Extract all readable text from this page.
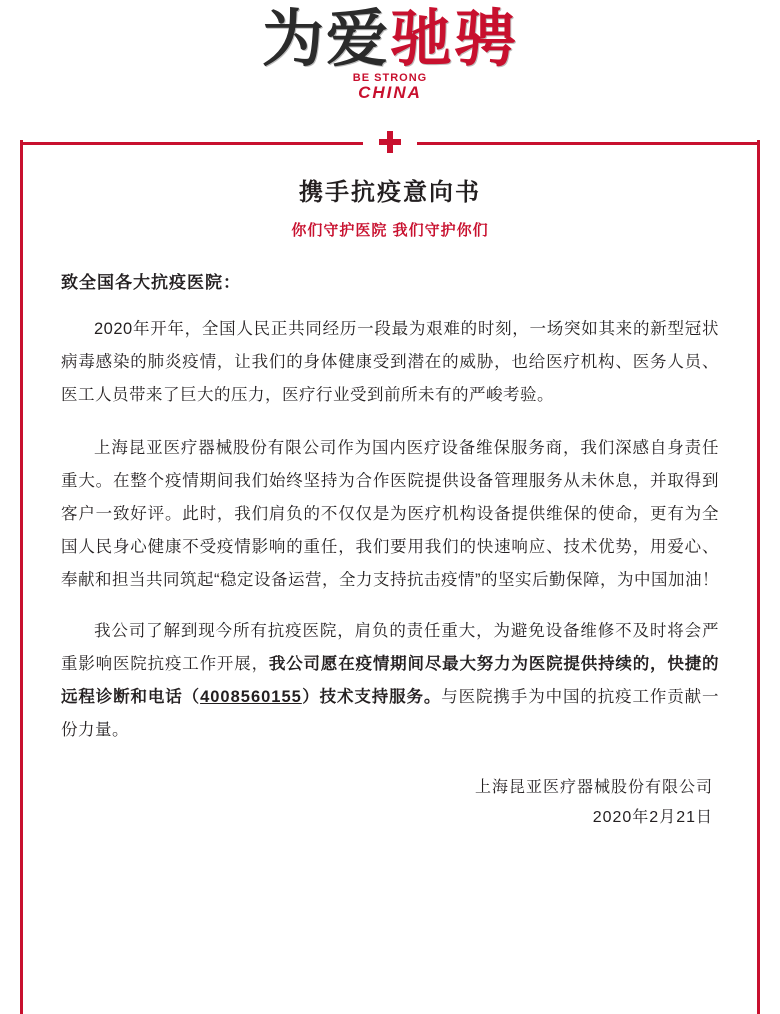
为爱驰骋
BE STRONG
CHINA
携手抗疫意向书
你们守护医院 我们守护你们
致全国各大抗疫医院：

2020年开年，全国人民正共同经历一段最为艰难的时刻，一场突如其来的新型冠状病毒感染的肺炎疫情，让我们的身体健康受到潜在的威胁，也给医疗机构、医务人员、医工人员带来了巨大的压力，医疗行业受到前所未有的严峻考验。

上海昆亚医疗器械股份有限公司作为国内医疗设备维保服务商，我们深感自身责任重大。在整个疫情期间我们始终坚持为合作医院提供设备管理服务从未休息，并取得到客户一致好评。此时，我们肩负的不仅仅是为医疗机构设备提供维保的使命，更有为全国人民身心健康不受疫情影响的重任，我们要用我们的快速响应、技术优势，用爱心、奉献和担当共同筑起“稳定设备运营，全力支持抗击疫情”的坚实后勤保障，为中国加油！

我公司了解到现今所有抗疫医院，肩负的责任重大，为避免设备维修不及时将会严重影响医院抗疫工作开展，我公司愿在疫情期间尽最大努力为医院提供持续的，快捷的远程诊断和电话（4008560155）技术支持服务。与医院携手为中国的抗疫工作贡献一份力量。

上海昆亚医疗器械股份有限公司
2020年2月21日
